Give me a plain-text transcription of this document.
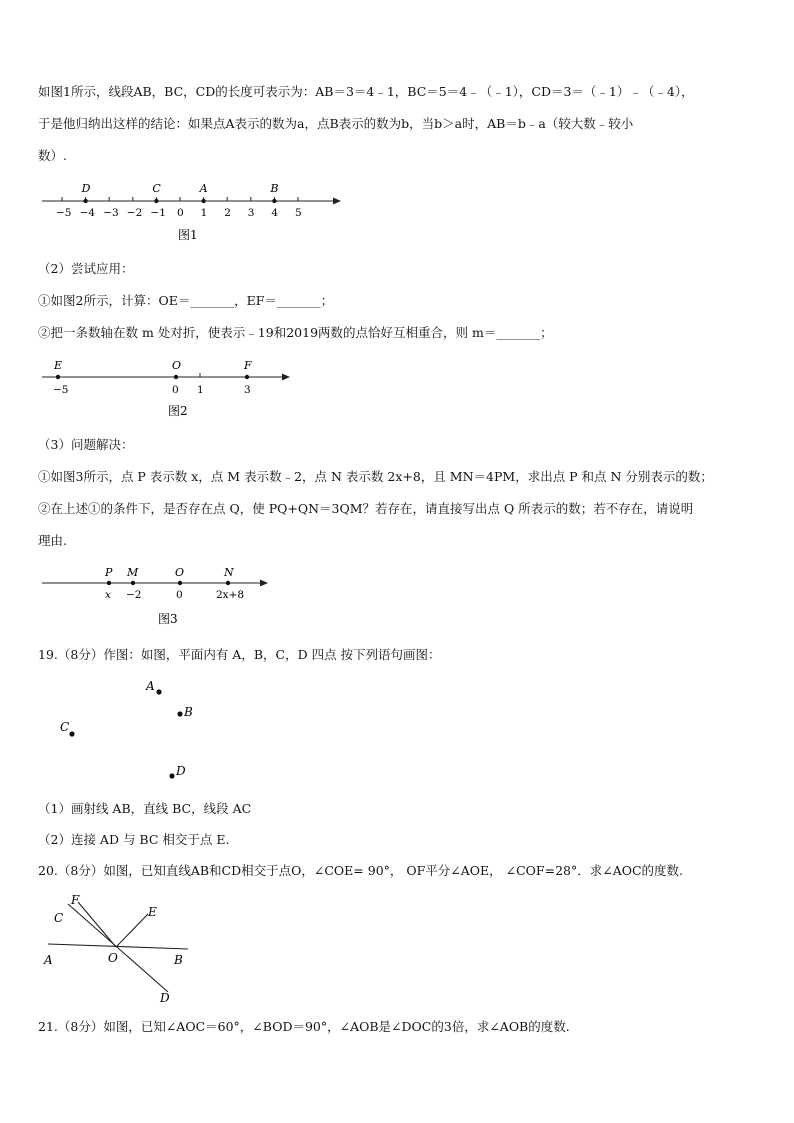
如图1所示，线段AB，BC，CD的长度可表示为：AB＝3＝4﹣1，BC＝5＝4﹣（﹣1），CD＝3＝（﹣1）﹣（﹣4），
于是他归纳出这样的结论：如果点A表示的数为a，点B表示的数为b，当b＞a时，AB＝b﹣a（较大数﹣较小
数）.
−5 −4 −3 −2 −1 0 1 2 3 4 5
D	C	A	B
图1
（2）尝试应用：
①如图2所示，计算：OE＝_______，EF＝_______；
②把一条数轴在数 m 处对折，使表示﹣19和2019两数的点恰好互相重合，则 m＝_______；
E
−5
O
0 1
F
3
图2
（3）问题解决：
①如图3所示，点 P 表示数 x，点 M 表示数﹣2，点 N 表示数 2x+8，且 MN＝4PM，求出点 P 和点 N 分别表示的数；
②在上述①的条件下，是否存在点 Q，使 PQ+QN＝3QM？若存在，请直接写出点 Q 所表示的数；若不存在，请说明
理由.
P
x
M
−2
O
0
N
2x+8
图3
19.（8分）作图：如图，平面内有 A，B，C，D 四点 按下列语句画图：
A
B
C
D
（1）画射线 AB，直线 BC，线段 AC
（2）连接 AD 与 BC 相交于点 E.
20.（8分）如图，已知直线AB和CD相交于点O，∠COE= 90°， OF平分∠AOE， ∠COF=28°．求∠AOC的度数.
F
C	E
A	O	B
D
21.（8分）如图，已知∠AOC＝60°，∠BOD＝90°，∠AOB是∠DOC的3倍，求∠AOB的度数.
